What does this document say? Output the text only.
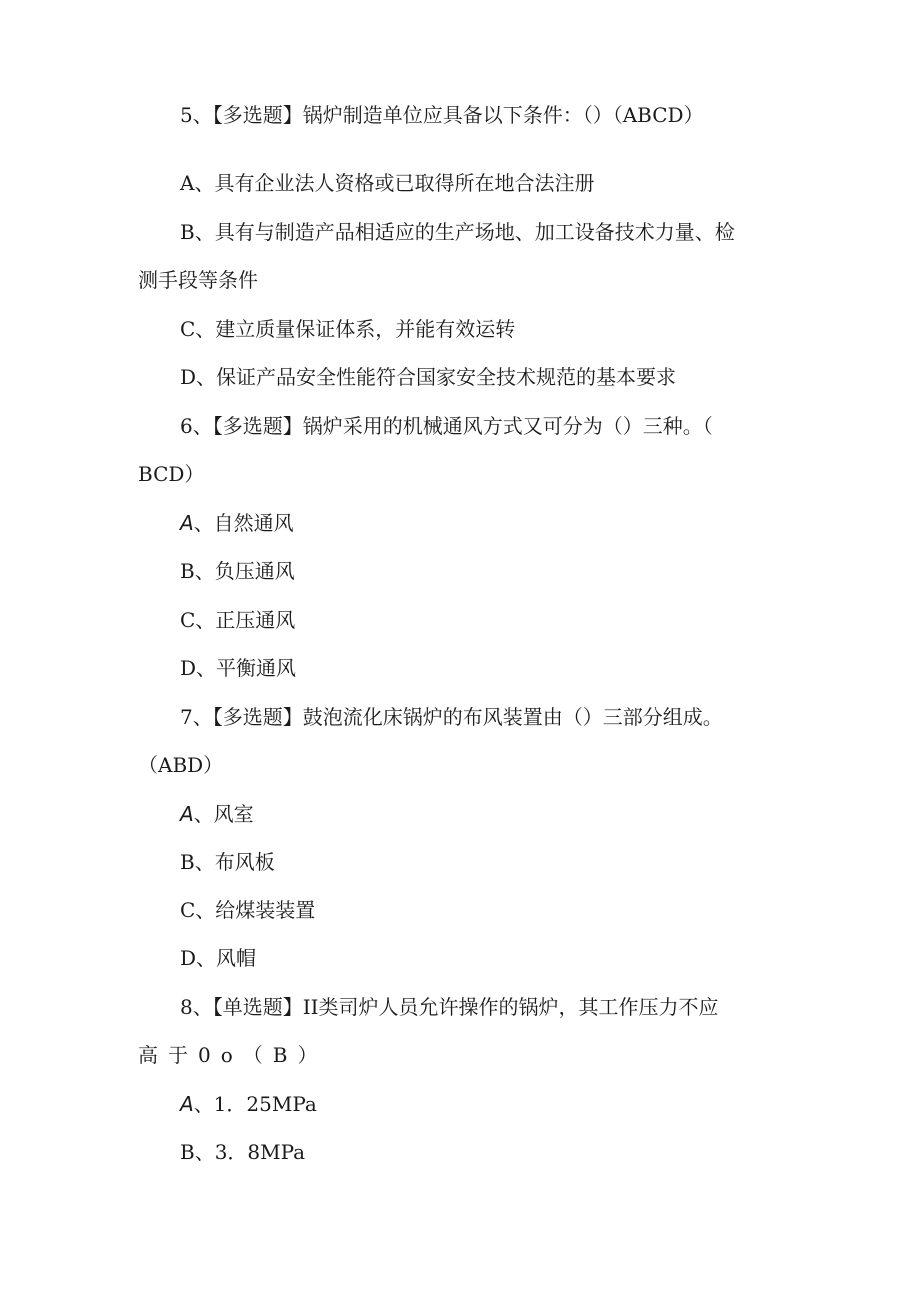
5、【多选题】锅炉制造单位应具备以下条件：（）（ABCD）
A、具有企业法人资格或已取得所在地合法注册
B、具有与制造产品相适应的生产场地、加工设备技术力量、检
测手段等条件
C、建立质量保证体系，并能有效运转
D、保证产品安全性能符合国家安全技术规范的基本要求
6、【多选题】锅炉采用的机械通风方式又可分为（）三种。（
BCD）
A、自然通风
B、负压通风
C、正压通风
D、平衡通风
7、【多选题】鼓泡流化床锅炉的布风装置由（）三部分组成。
（ABD）
A、风室
B、布风板
C、给煤装装置
D、风帽
8、【单选题】II类司炉人员允许操作的锅炉，其工作压力不应
高于0o（B）
A、1．25MPa
B、3．8MPa
